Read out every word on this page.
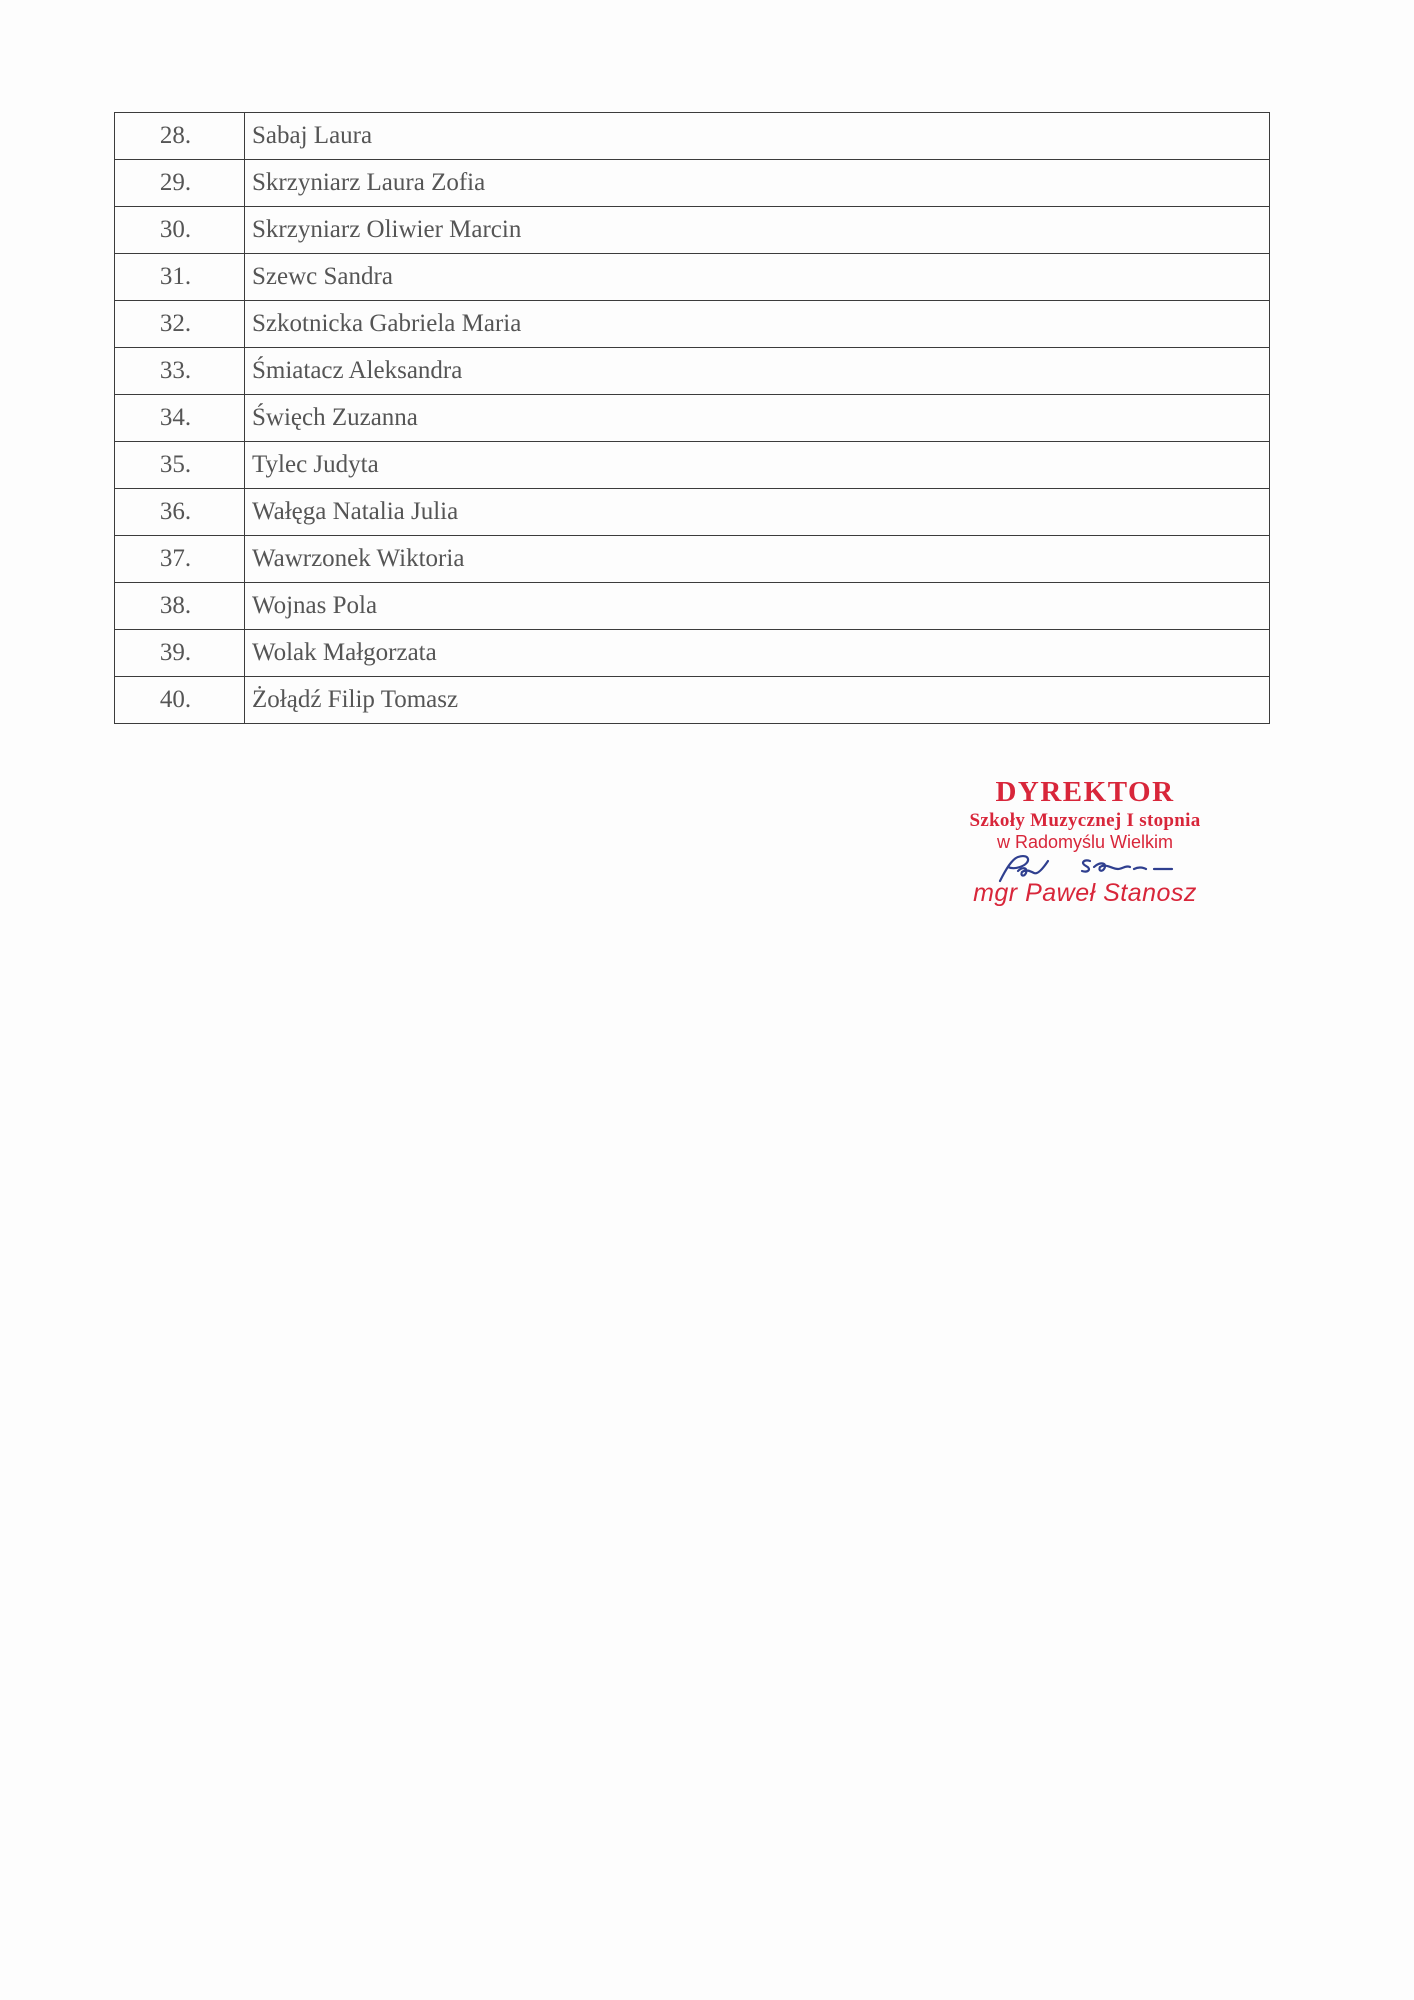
28.	Sabaj Laura
29.	Skrzyniarz Laura Zofia
30.	Skrzyniarz Oliwier Marcin
31.	Szewc Sandra
32.	Szkotnicka Gabriela Maria
33.	Śmiatacz Aleksandra
34.	Święch Zuzanna
35.	Tylec Judyta
36.	Wałęga Natalia Julia
37.	Wawrzonek Wiktoria
38.	Wojnas Pola
39.	Wolak Małgorzata
40.	Żołądź Filip Tomasz
DYREKTOR
Szkoły Muzycznej I stopnia
w Radomyślu Wielkim
mgr Paweł Stanosz
